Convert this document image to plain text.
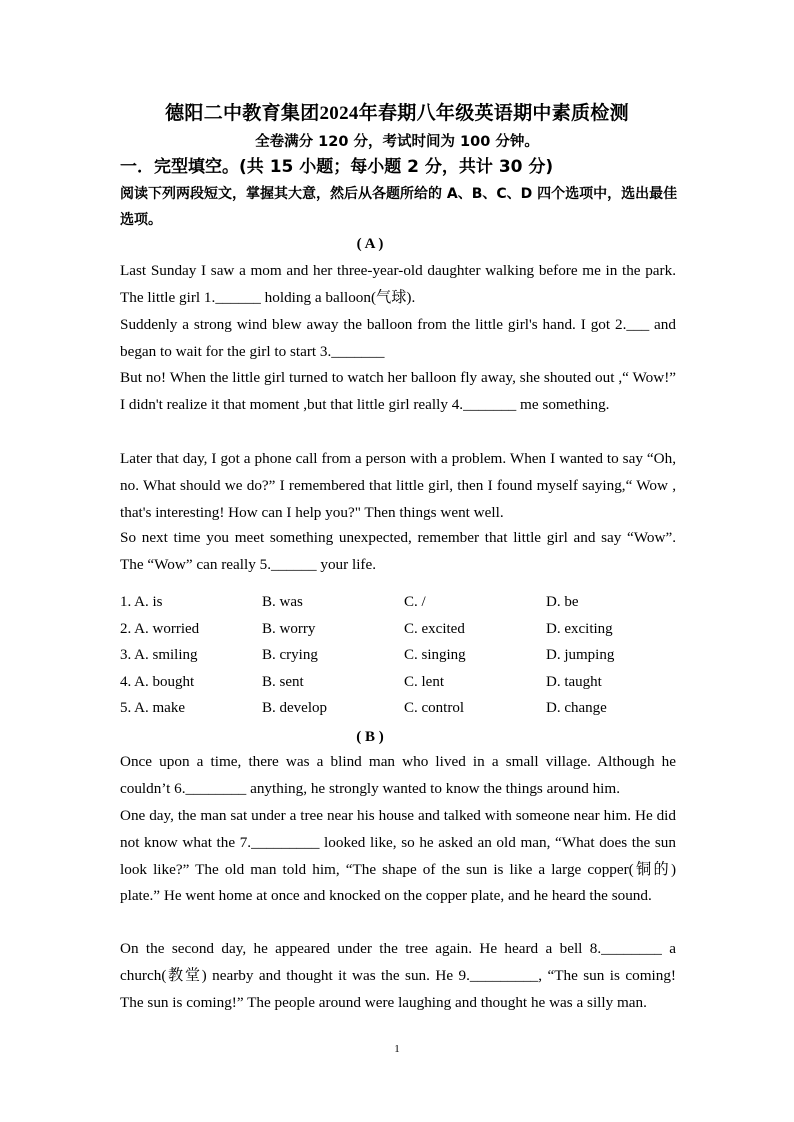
德阳二中教育集团2024年春期八年级英语期中素质检测
全卷满分 120 分，考试时间为 100 分钟。
一．完型填空。(共 15 小题；每小题 2 分，共计 30 分)
阅读下列两段短文，掌握其大意，然后从各题所给的 A、B、C、D 四个选项中，选出最佳选项。
( A )
Last Sunday I saw a mom and her three-year-old daughter walking before me in the park. The little girl 1.______ holding a balloon(气球).
Suddenly a strong wind blew away the balloon from the little girl's hand. I got 2.___ and began to wait for the girl to start 3._______
But no! When the little girl turned to watch her balloon fly away, she shouted out ,“ Wow!” I didn't realize it that moment ,but that little girl really 4._______ me something.
Later that day, I got a phone call from a person with a problem. When I wanted to say “Oh, no. What should we do?” I remembered that little girl, then I found myself saying,“ Wow , that's interesting! How can I help you?" Then things went well.
So next time you meet something unexpected, remember that little girl and say “Wow”. The “Wow” can really 5.______ your life.
1. A. is	B. was	C. /	D. be
2. A. worried	B. worry	C. excited	D. exciting
3. A. smiling	B. crying	C. singing	D. jumping
4. A. bought	B. sent	C. lent	D. taught
5. A. make	B. develop	C. control	D. change
( B )
Once upon a time, there was a blind man who lived in a small village. Although he couldn’t 6.________ anything, he strongly wanted to know the things around him.
One day, the man sat under a tree near his house and talked with someone near him. He did not know what the 7._________ looked like, so he asked an old man, “What does the sun look like?” The old man told him, “The shape of the sun is like a large copper(铜的) plate.” He went home at once and knocked on the copper plate, and he heard the sound.
On the second day, he appeared under the tree again. He heard a bell 8.________ a church(教堂) nearby and thought it was the sun. He 9._________, “The sun is coming! The sun is coming!” The people around were laughing and thought he was a silly man.
1
